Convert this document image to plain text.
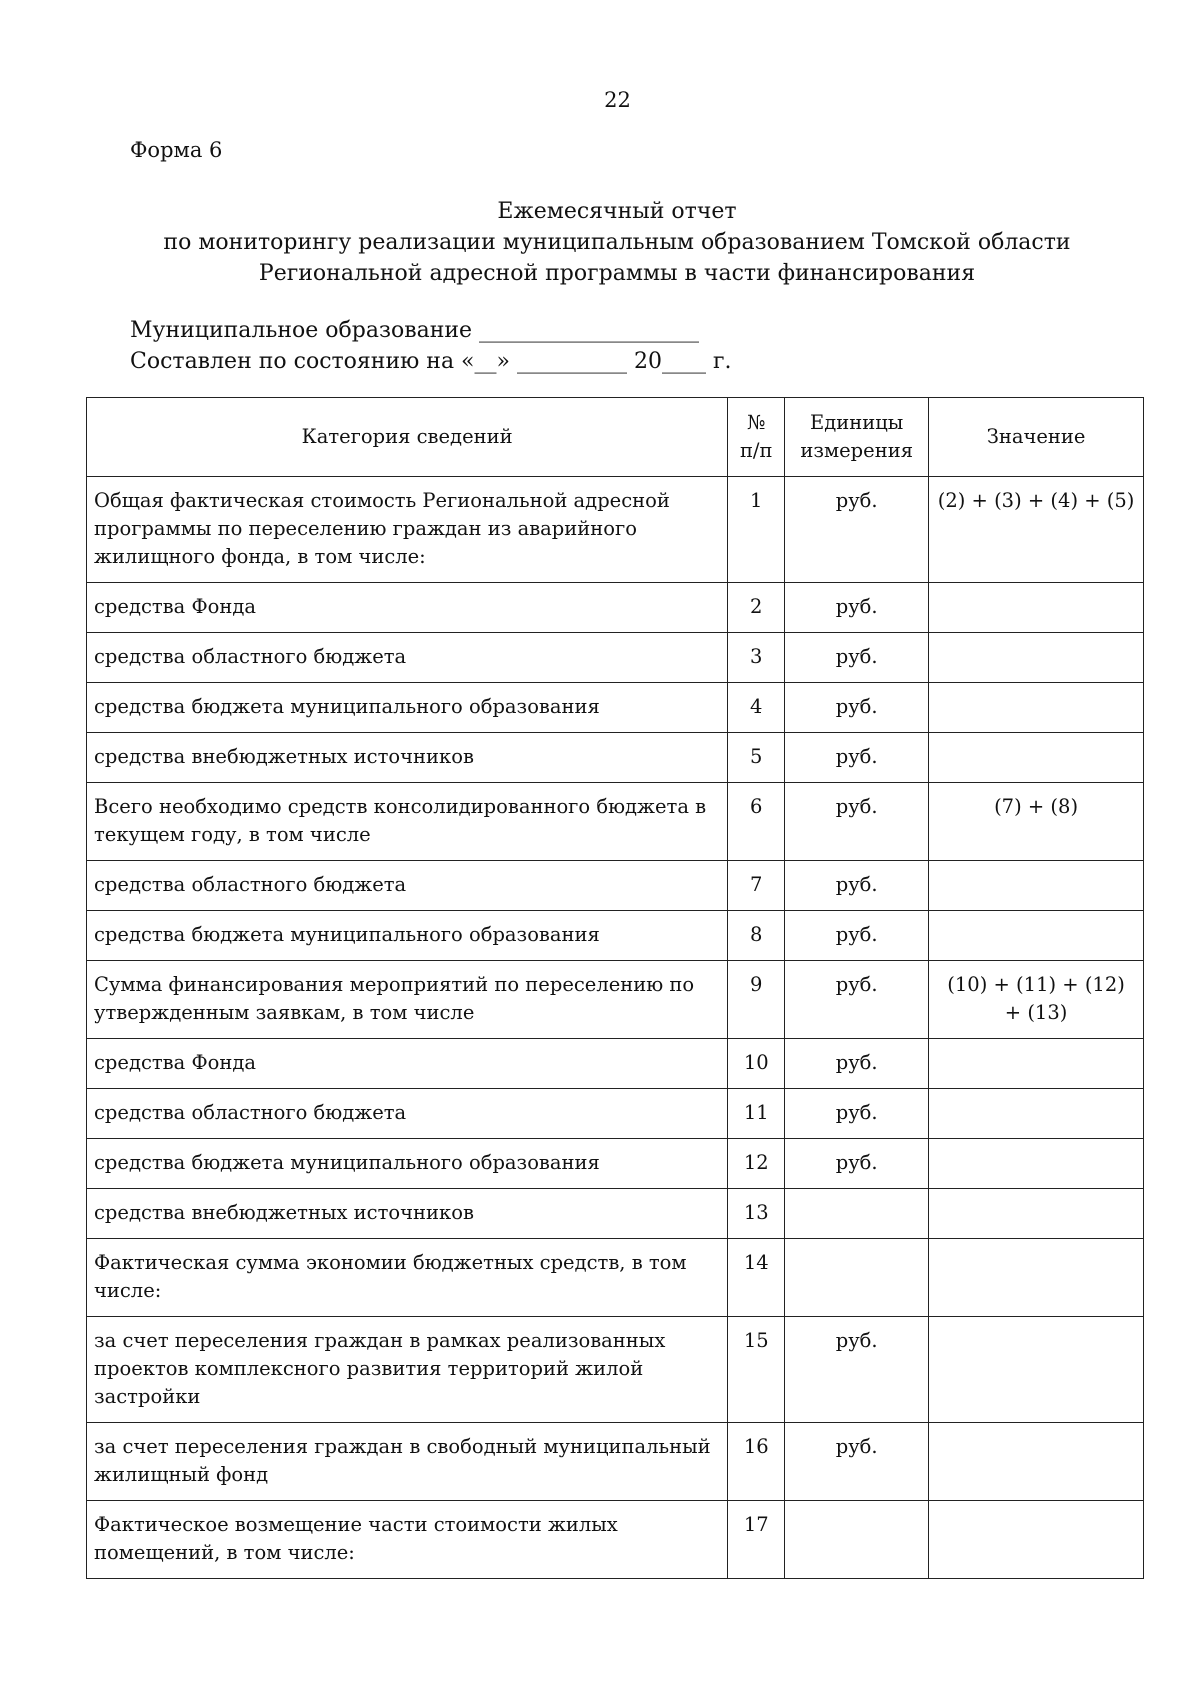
22
Форма 6
Ежемесячный отчет
по мониторингу реализации муниципальным образованием Томской области
Региональной адресной программы в части финансирования
Муниципальное образование ____________________
Составлен по состоянию на «__» __________ 20____ г.
Категория сведений	№ п/п	Единицы измерения	Значение
Общая фактическая стоимость Региональной адресной программы по переселению граждан из аварийного жилищного фонда, в том числе:	1	руб.	(2) + (3) + (4) + (5)
средства Фонда	2	руб.	
средства областного бюджета	3	руб.	
средства бюджета муниципального образования	4	руб.	
средства внебюджетных источников	5	руб.	
Всего необходимо средств консолидированного бюджета в текущем году, в том числе	6	руб.	(7) + (8)
средства областного бюджета	7	руб.	
средства бюджета муниципального образования	8	руб.	
Сумма финансирования мероприятий по переселению по утвержденным заявкам, в том числе	9	руб.	(10) + (11) + (12) + (13)
средства Фонда	10	руб.	
средства областного бюджета	11	руб.	
средства бюджета муниципального образования	12	руб.	
средства внебюджетных источников	13		
Фактическая сумма экономии бюджетных средств, в том числе:	14		
за счет переселения граждан в рамках реализованных проектов комплексного развития территорий жилой застройки	15	руб.	
за счет переселения граждан в свободный муниципальный жилищный фонд	16	руб.	
Фактическое возмещение части стоимости жилых помещений, в том числе:	17		
